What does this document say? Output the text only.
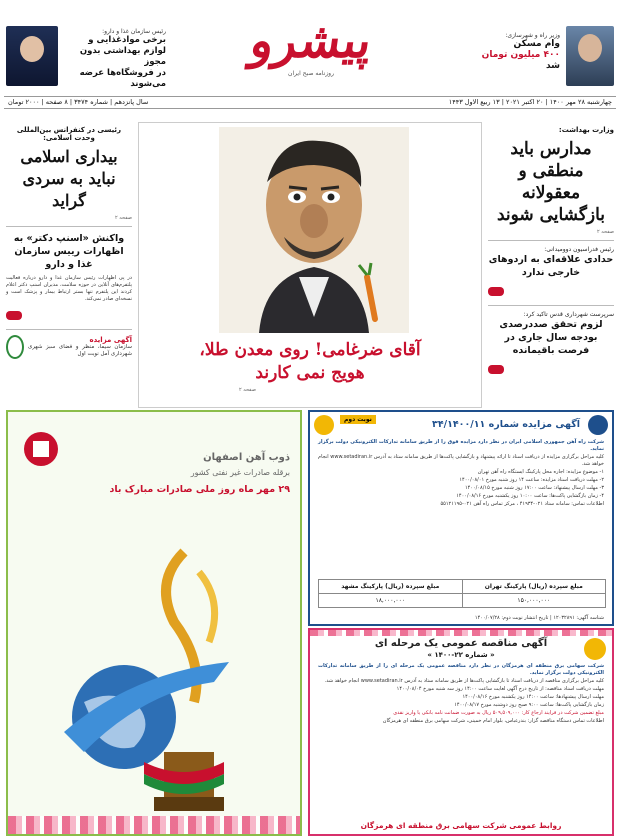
وزیر راه و شهرسازی:
وام مسکن
۴۰۰ میلیون تومان
شد
پیشرو
روزنامه صبح ایران
رئیس سازمان غذا و دارو:
برخی موادغذایی و
لوازم بهداشتی بدون مجوز
در فروشگاه‌ها عرضه می‌شوند
چهارشنبه ۲۸ مهر ۱۴۰۰ | ۲۰ اکتبر ۲۰۲۱ | ۱۳ ربیع الاول ۱۴۴۳
سال پانزدهم | شماره ۳۴۷۴ | ۸ صفحه | ۲۰۰۰ تومان
وزارت بهداشت:
مدارس باید منطقی و معقولانه بازگشایی شوند
صفحه ۲
رئیس فدراسیون دوومیدانی:
حدادی علاقه‌ای به اردوهای خارجی ندارد
سرپرست شهرداری قدس تاکید کرد:
لزوم تحقق صددرصدی بودجه سال جاری در فرصت باقیمانده
آقای ضرغامی! روی معدن طلا،
هویج نمی کارند
صفحه ۲
رئیسی در کنفرانس بین‌المللی وحدت اسلامی:
بیداری اسلامی نباید به سردی گراید
صفحه ۲
واکنش «اسنپ دکتر» به اظهارات رییس سازمان غذا و دارو
در پی اظهارات رئیس سازمان غذا و دارو درباره فعالیت پلتفرم‌های آنلاین در حوزه سلامت، مدیران اسنپ دکتر اعلام کردند این پلتفرم تنها بستر ارتباط بیمار و پزشک است و نسخه‌ای صادر نمی‌کند.
آگهی مزایده
سازمان سیما، منظر و فضای سبز شهری شهرداری آمل نوبت اول
ذوب آهن اصفهان
برقله صادرات غیر نفتی کشور
۲۹ مهر ماه روز ملی صادرات مبارک باد
نوبت دوم	آگهی مزایده شماره ۳۴/۱۴۰۰/۱۱
شرکت راه آهن جمهوری اسلامی ایران در نظر دارد مزایده فوق را از طریق سامانه تدارکات الکترونیکی دولت برگزار نماید.
کلیه مراحل برگزاری مزایده از دریافت اسناد تا ارائه پیشنهاد و بازگشایی پاکت‌ها از طریق سامانه ستاد به آدرس www.setadiran.ir انجام خواهد شد.
۱- موضوع مزایده: اجاره محل پارکینگ ایستگاه راه آهن تهران
۲- مهلت دریافت اسناد مزایده: ساعت ۱۴ روز شنبه مورخ ۱۴۰۰/۰۸/۰۱
۳- مهلت ارسال پیشنهاد: ساعت ۱۷:۰۰ روز شنبه مورخ ۱۴۰۰/۰۸/۱۵
۴- زمان بازگشایی پاکت‌ها: ساعت ۱۰:۰۰ روز یکشنبه مورخ ۱۴۰۰/۰۸/۱۶
اطلاعات تماس: سامانه ستاد ۰۲۱-۴۱۹۳۴ ، مرکز تماس راه آهن ۰۲۱-۵۵۱۲۱۱۹۵
مبلغ سپرده (ریال) پارکینگ تهران	مبلغ سپرده (ریال) پارکینگ مشهد
۱۵۰,۰۰۰,۰۰۰	۱۸,۰۰۰,۰۰۰
شناسه آگهی: ۱۲۰۳۲۸۹۱ | تاریخ انتشار نوبت دوم: ۱۴۰۰/۰۷/۲۸
آگهی مناقصه عمومی یک مرحله ای
« شماره ۲۲-۱۴۰۰ »
شرکت سهامی برق منطقه ای هرمزگان در نظر دارد مناقصه عمومی یک مرحله ای را از طریق سامانه تدارکات الکترونیکی دولت برگزار نماید.
کلیه مراحل برگزاری مناقصه از دریافت اسناد تا بازگشایی پاکت‌ها از طریق سامانه ستاد به آدرس www.setadiran.ir انجام خواهد شد.
مهلت دریافت اسناد مناقصه: از تاریخ درج آگهی لغایت ساعت ۱۴:۰۰ روز سه شنبه مورخ ۱۴۰۰/۰۸/۰۴
مهلت ارسال پیشنهادها: ساعت ۱۴:۰۰ روز یکشنبه مورخ ۱۴۰۰/۰۸/۱۶
زمان بازگشایی پاکت‌ها: ساعت ۹:۰۰ صبح روز دوشنبه مورخ ۱۴۰۰/۰۸/۱۷
مبلغ تضمین شرکت در فرایند ارجاع کار: ۵۰۹,۵۰۹,۰۰۰ ریال به صورت ضمانت نامه بانکی یا واریز نقدی
اطلاعات تماس دستگاه مناقصه گزار: بندرعباس، بلوار امام خمینی، شرکت سهامی برق منطقه ای هرمزگان
روابط عمومی شرکت سهامی برق منطقه ای هرمزگان
